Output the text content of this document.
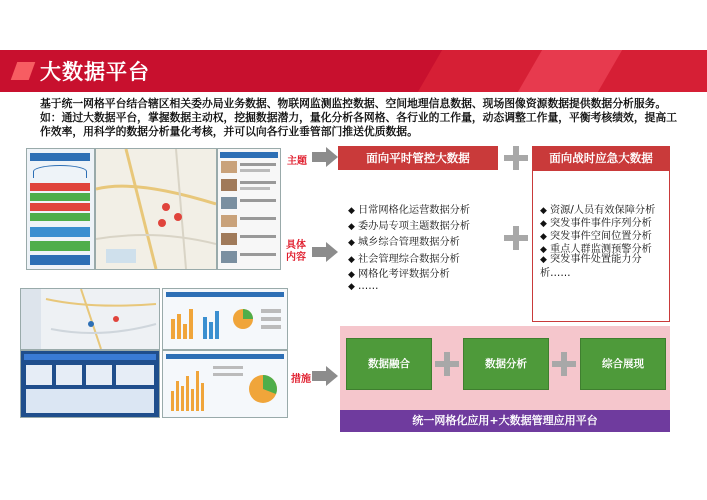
大数据平台
基于统一网格平台结合辖区相关委办局业务数据、物联网监测监控数据、空间地理信息数据、现场图像资源数据提供数据分析服务。如：通过大数据平台，掌握数据主动权，挖掘数据潜力，量化分析各网格、各行业的工作量，动态调整工作量，平衡考核绩效，提高工作效率，用科学的数据分析量化考核，并可以向各行业垂管部门推送优质数据。
主题
具体内容
措施
面向平时管控大数据	面向战时应急大数据
◆ 日常网格化运营数据分析
◆ 委办局专项主题数据分析
◆ 城乡综合管理数据分析
◆ 社会管理综合数据分析
◆ 网格化考评数据分析
◆ ……
◆ 资源/人员有效保障分析
◆ 突发事件事件序列分析
◆ 突发事件空间位置分析
◆ 重点人群监测预警分析
◆ 突发事件处置能力分析……
数据融合	数据分析	综合展现
统一网格化应用+大数据管理应用平台
